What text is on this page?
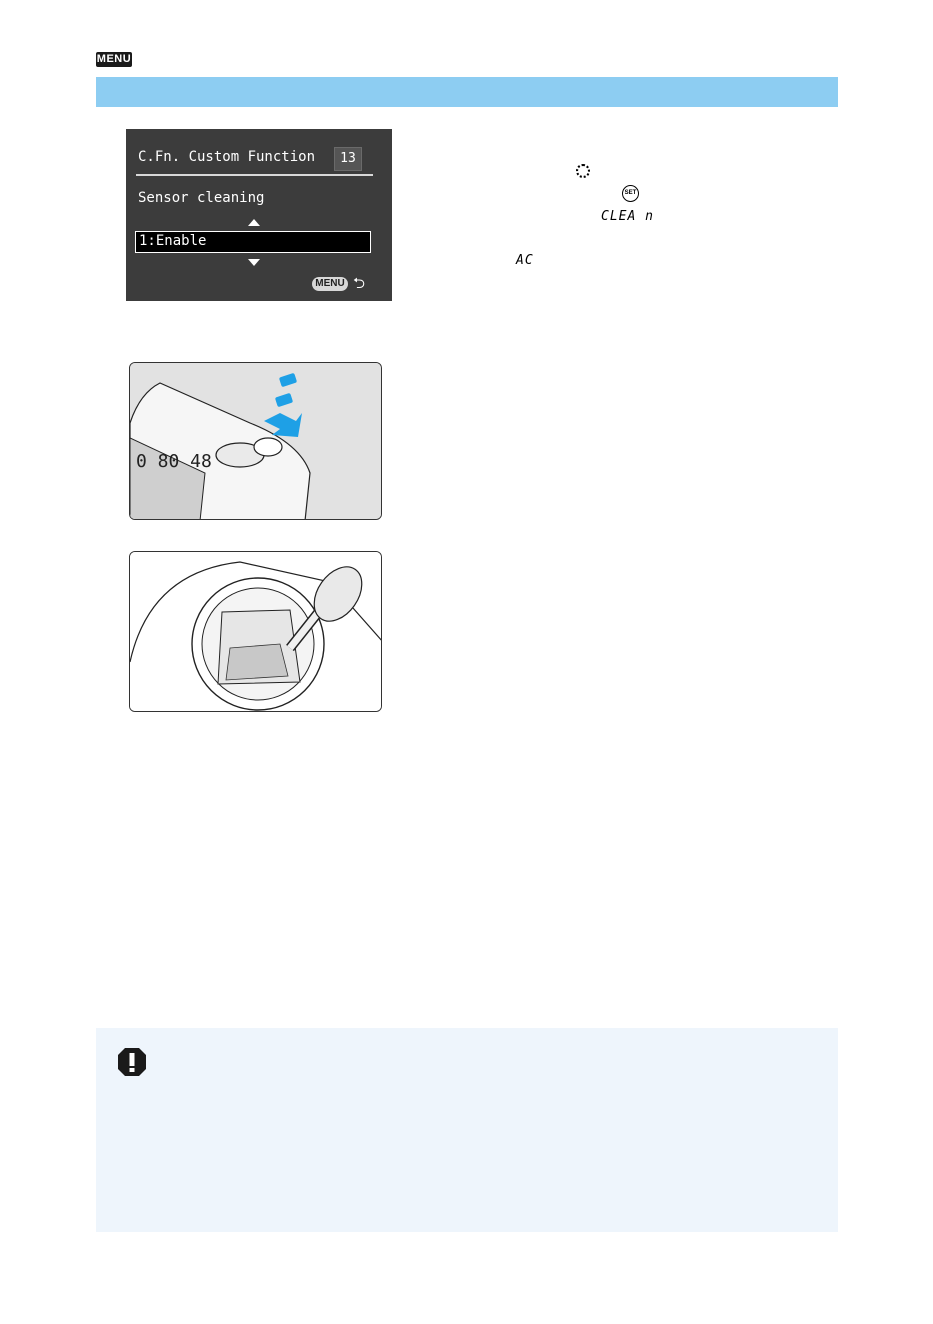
MENU
C.Fn. Custom Function	13
Sensor cleaning
1:Enable
MENU ⮌
SET
CLEA n
AC
0 80 48
